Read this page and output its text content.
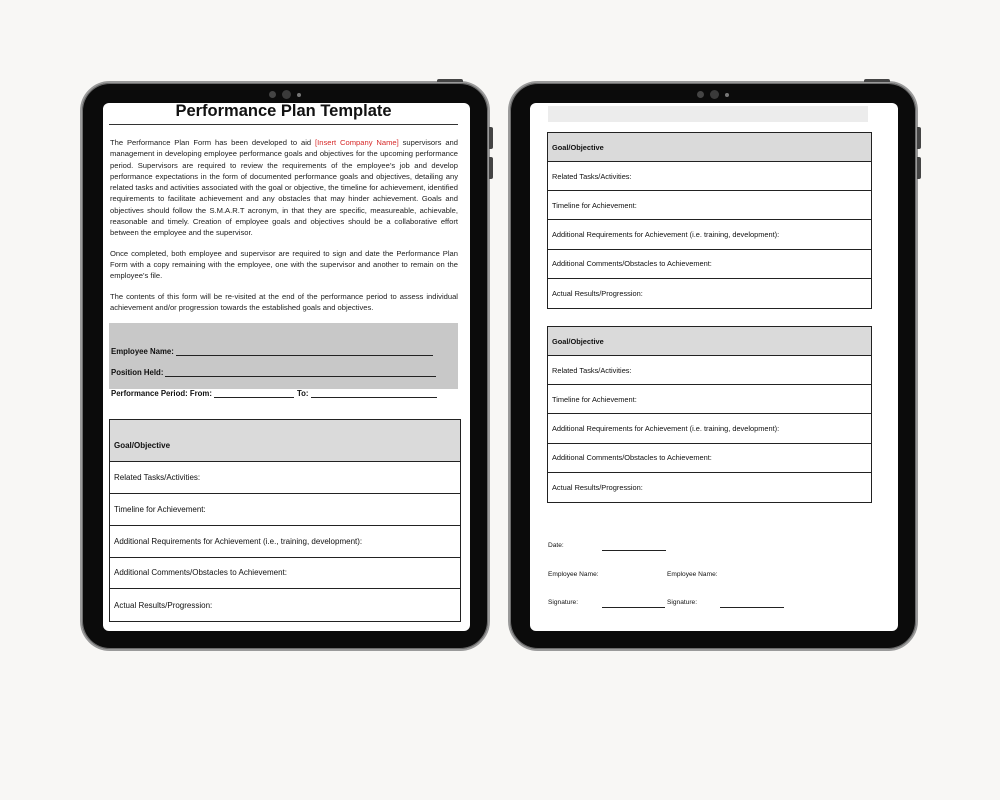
Performance Plan Template

The Performance Plan Form has been developed to aid [Insert Company Name] supervisors and management in developing employee performance goals and objectives for the upcoming performance period. Supervisors are required to review the requirements of the employee’s job and develop performance expectations in the form of documented performance goals and objectives, detailing any related tasks and activities associated with the goal or objective, the timeline for achievement, identified requirements to facilitate achievement and any obstacles that may hinder achievement. Goals and objectives should follow the S.M.A.R.T acronym, in that they are specific, measureable, achievable, reasonable and timely. Creation of employee goals and objectives should be a collaborative effort between the employee and the supervisor.

Once completed, both employee and supervisor are required to sign and date the Performance Plan Form with a copy remaining with the employee, one with the supervisor and another to remain on the employee’s file.

The contents of this form will be re-visited at the end of the performance period to assess individual achievement and/or progression towards the established goals and objectives.

Employee Name:
Position Held:
Performance Period: From:	To:
Goal/Objective
Related Tasks/Activities:
Timeline for Achievement:
Additional Requirements for Achievement (i.e., training, development):
Additional Comments/Obstacles to Achievement:
Actual Results/Progression:
Goal/Objective
Related Tasks/Activities:
Timeline for Achievement:
Additional Requirements for Achievement (i.e. training, development):
Additional Comments/Obstacles to Achievement:
Actual Results/Progression:
Goal/Objective
Related Tasks/Activities:
Timeline for Achievement:
Additional Requirements for Achievement (i.e. training, development):
Additional Comments/Obstacles to Achievement:
Actual Results/Progression:
Date:
Employee Name:	Employee Name:
Signature:	Signature:
